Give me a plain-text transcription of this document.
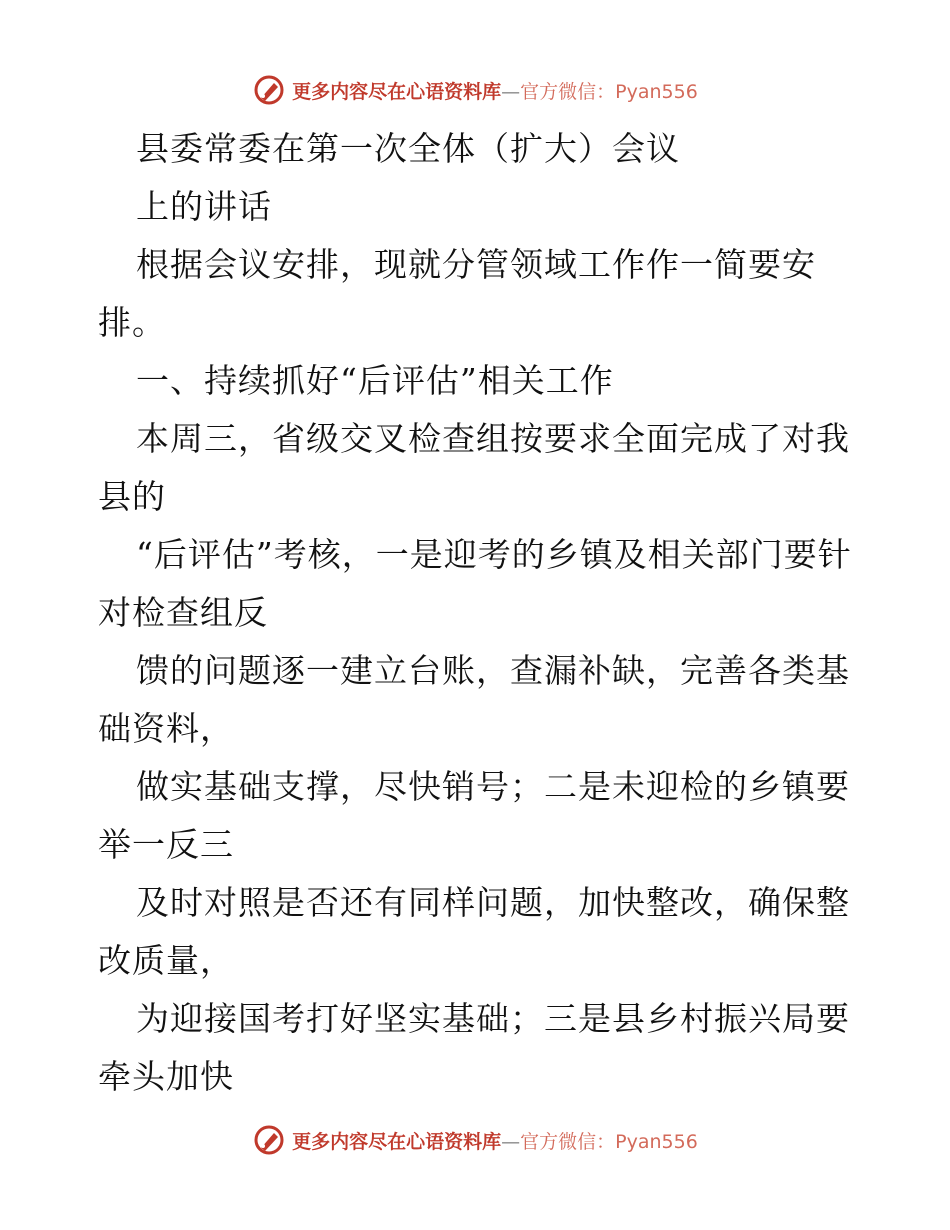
更多内容尽在心语资料库—官方微信：Pyan556

县委常委在第一次全体（扩大）会议

上的讲话

根据会议安排，现就分管领域工作作一简要安排。

一、持续抓好“后评估”相关工作

本周三，省级交叉检查组按要求全面完成了对我县的

“后评估”考核，一是迎考的乡镇及相关部门要针对检查组反

馈的问题逐一建立台账，查漏补缺，完善各类基础资料，

做实基础支撑，尽快销号；二是未迎检的乡镇要举一反三

及时对照是否还有同样问题，加快整改，确保整改质量，

为迎接国考打好坚实基础；三是县乡村振兴局要牵头加快

更多内容尽在心语资料库—官方微信：Pyan556
